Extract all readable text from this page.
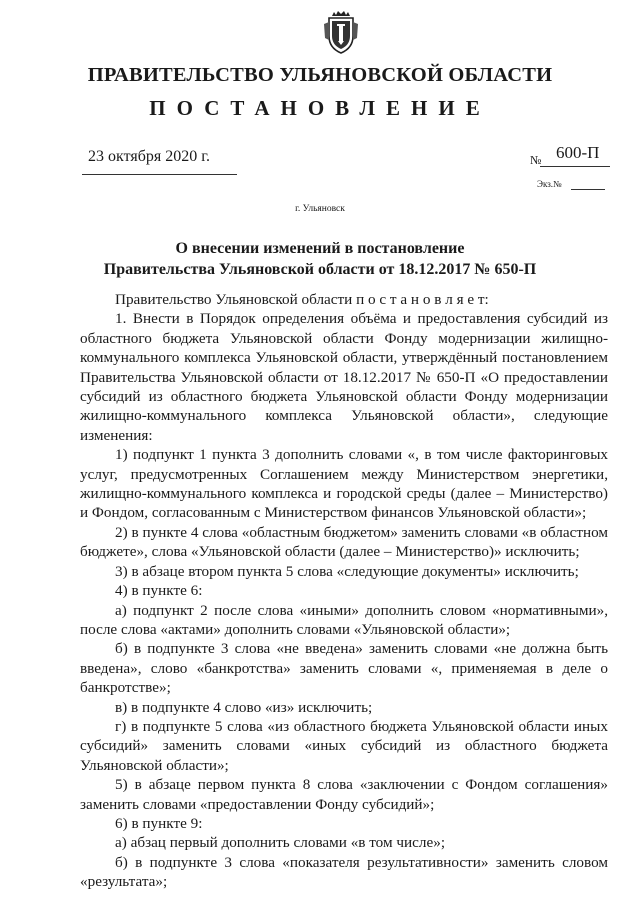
ПРАВИТЕЛЬСТВО УЛЬЯНОВСКОЙ ОБЛАСТИ
ПОСТАНОВЛЕНИЕ
23 октября 2020 г.	№ 600-П
Экз.№
г. Ульяновск
О внесении изменений в постановление
Правительства Ульяновской области от 18.12.2017 № 650-П

Правительство Ульяновской области п о с т а н о в л я е т:

1. Внести в Порядок определения объёма и предоставления субсидий из областного бюджета Ульяновской области Фонду модернизации жилищно-коммунального комплекса Ульяновской области, утверждённый постановлением Правительства Ульяновской области от 18.12.2017 № 650-П «О предоставлении субсидий из областного бюджета Ульяновской области Фонду модернизации жилищно-коммунального комплекса Ульяновской области», следующие изменения:

1) подпункт 1 пункта 3 дополнить словами «, в том числе факторинговых услуг, предусмотренных Соглашением между Министерством энергетики, жилищно-коммунального комплекса и городской среды (далее – Министерство) и Фондом, согласованным с Министерством финансов Ульяновской области»;

2) в пункте 4 слова «областным бюджетом» заменить словами «в областном бюджете», слова «Ульяновской области (далее – Министерство)» исключить;

3) в абзаце втором пункта 5 слова «следующие документы» исключить;

4) в пункте 6:

а) подпункт 2 после слова «иными» дополнить словом «нормативными», после слова «актами» дополнить словами «Ульяновской области»;

б) в подпункте 3 слова «не введена» заменить словами «не должна быть введена», слово «банкротства» заменить словами «, применяемая в деле о банкротстве»;

в) в подпункте 4 слово «из» исключить;

г) в подпункте 5 слова «из областного бюджета Ульяновской области иных субсидий» заменить словами «иных субсидий из областного бюджета Ульяновской области»;

5) в абзаце первом пункта 8 слова «заключении с Фондом соглашения» заменить словами «предоставлении Фонду субсидий»;

6) в пункте 9:

а) абзац первый дополнить словами «в том числе»;

б) в подпункте 3 слова «показателя результативности» заменить словом «результата»;
